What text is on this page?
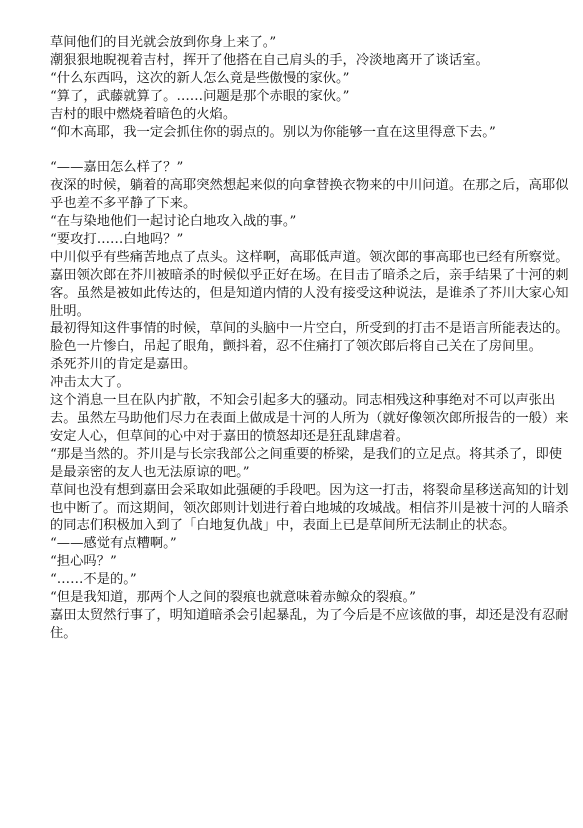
草间他们的目光就会放到你身上来了。”

潮狠狠地睨视着吉村，挥开了他搭在自己肩头的手，冷淡地离开了谈话室。

“什么东西吗，这次的新人怎么竟是些傲慢的家伙。”

“算了，武藤就算了。……问题是那个赤眼的家伙。”

吉村的眼中燃烧着暗色的火焰。

“仰木高耶，我一定会抓住你的弱点的。别以为你能够一直在这里得意下去。”

“——嘉田怎么样了？”

夜深的时候，躺着的高耶突然想起来似的向拿替换衣物来的中川问道。在那之后，高耶似乎也差不多平静了下来。

“在与染地他们一起讨论白地攻入战的事。”

“要攻打……白地吗？”

中川似乎有些痛苦地点了点头。这样啊，高耶低声道。领次郎的事高耶也已经有所察觉。

嘉田领次郎在芥川被暗杀的时候似乎正好在场。在目击了暗杀之后，亲手结果了十河的刺客。虽然是被如此传达的，但是知道内情的人没有接受这种说法，是谁杀了芥川大家心知肚明。

最初得知这件事情的时候，草间的头脑中一片空白，所受到的打击不是语言所能表达的。脸色一片惨白，吊起了眼角，颤抖着，忍不住痛打了领次郎后将自己关在了房间里。

杀死芥川的肯定是嘉田。

冲击太大了。

这个消息一旦在队内扩散，不知会引起多大的骚动。同志相残这种事绝对不可以声张出去。虽然左马助他们尽力在表面上做成是十河的人所为（就好像领次郎所报告的一般）来安定人心，但草间的心中对于嘉田的愤怒却还是狂乱肆虐着。

“那是当然的。芥川是与长宗我部公之间重要的桥梁，是我们的立足点。将其杀了，即使是最亲密的友人也无法原谅的吧。”

草间也没有想到嘉田会采取如此强硬的手段吧。因为这一打击，将裂命星移送高知的计划也中断了。而这期间，领次郎则计划进行着白地城的攻城战。相信芥川是被十河的人暗杀的同志们积极加入到了「白地复仇战」中，表面上已是草间所无法制止的状态。

“——感觉有点糟啊。”

“担心吗？”

“……不是的。”

“但是我知道，那两个人之间的裂痕也就意味着赤鲸众的裂痕。”

嘉田太贸然行事了，明知道暗杀会引起暴乱，为了今后是不应该做的事，却还是没有忍耐住。
